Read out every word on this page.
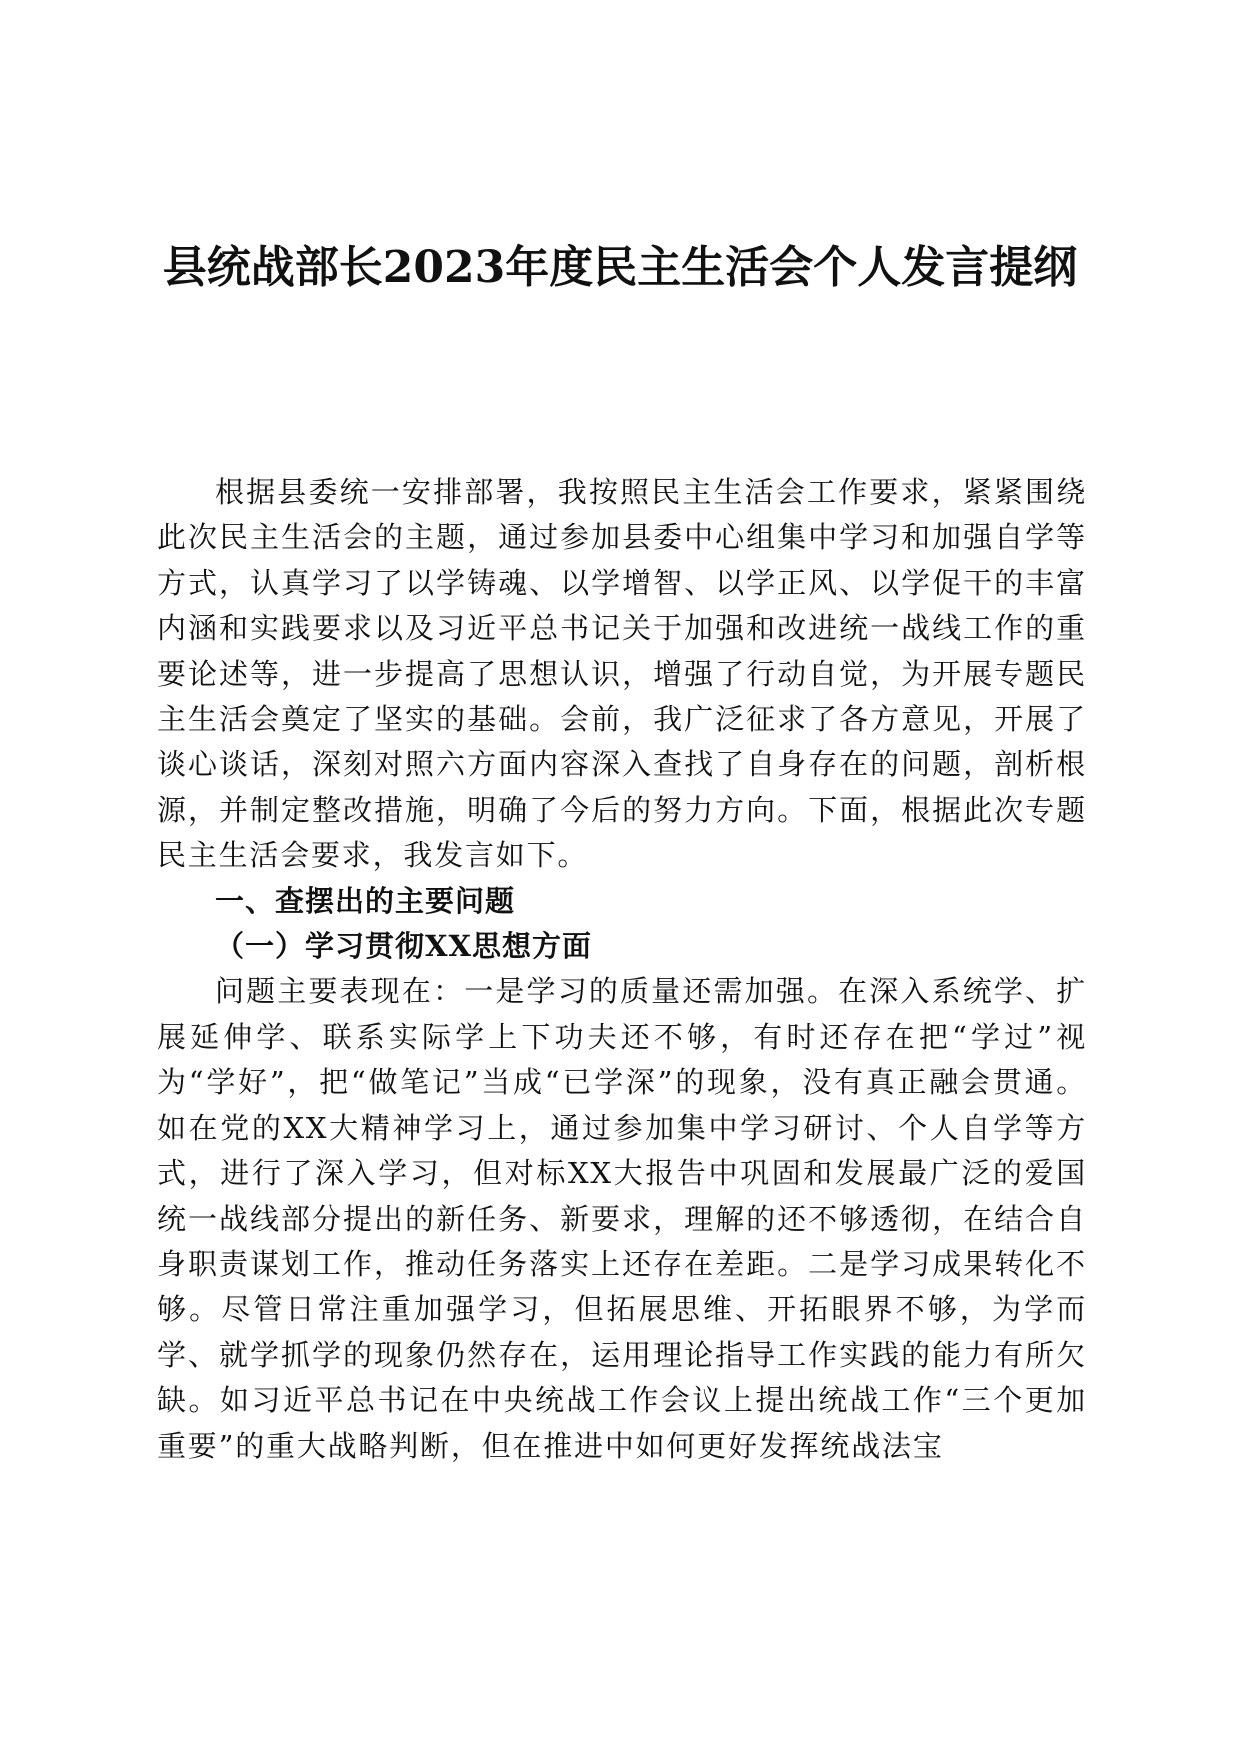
县统战部长2023年度民主生活会个人发言提纲

根据县委统一安排部署，我按照民主生活会工作要求，紧紧围绕此次民主生活会的主题，通过参加县委中心组集中学习和加强自学等方式，认真学习了以学铸魂、以学增智、以学正风、以学促干的丰富内涵和实践要求以及习近平总书记关于加强和改进统一战线工作的重要论述等，进一步提高了思想认识，增强了行动自觉，为开展专题民主生活会奠定了坚实的基础。会前，我广泛征求了各方意见，开展了谈心谈话，深刻对照六方面内容深入查找了自身存在的问题，剖析根源，并制定整改措施，明确了今后的努力方向。下面，根据此次专题民主生活会要求，我发言如下。

一、查摆出的主要问题

（一）学习贯彻XX思想方面

问题主要表现在：一是学习的质量还需加强。在深入系统学、扩展延伸学、联系实际学上下功夫还不够，有时还存在把“学过”视为“学好”，把“做笔记”当成“已学深”的现象，没有真正融会贯通。如在党的XX大精神学习上，通过参加集中学习研讨、个人自学等方式，进行了深入学习，但对标XX大报告中巩固和发展最广泛的爱国统一战线部分提出的新任务、新要求，理解的还不够透彻，在结合自身职责谋划工作，推动任务落实上还存在差距。二是学习成果转化不够。尽管日常注重加强学习，但拓展思维、开拓眼界不够，为学而学、就学抓学的现象仍然存在，运用理论指导工作实践的能力有所欠缺。如习近平总书记在中央统战工作会议上提出统战工作“三个更加重要”的重大战略判断，但在推进中如何更好发挥统战法宝
